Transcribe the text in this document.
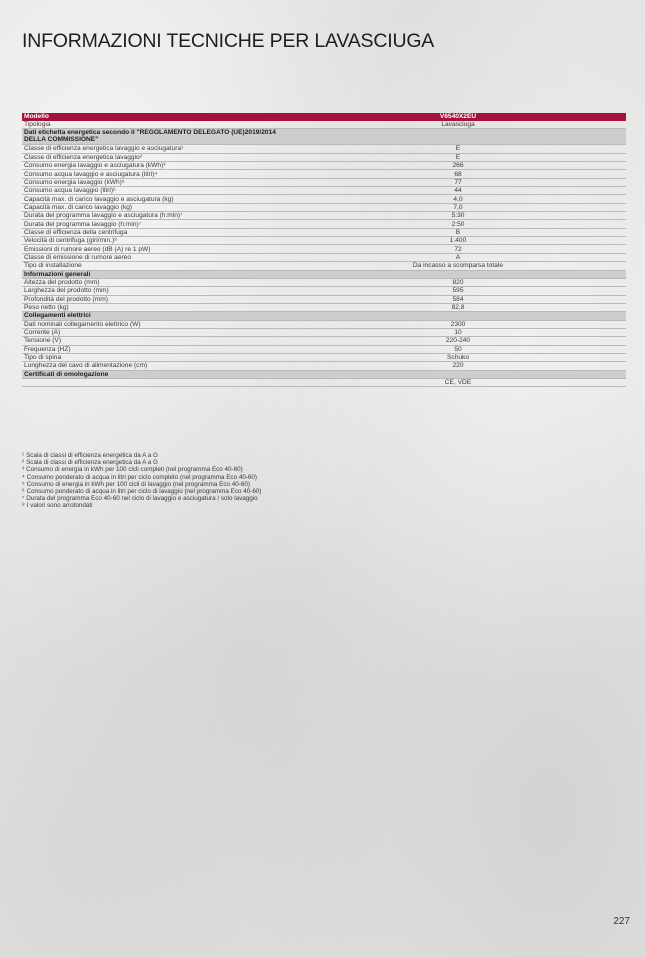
INFORMAZIONI TECNICHE PER LAVASCIUGA
Modello	V6540X2EU
Tipologia	Lavasciuga
Dati etichetta energetica secondo il "REGOLAMENTO DELEGATO (UE)2019/2014 DELLA COMMISSIONE"	
Classe di efficienza energetica lavaggio e asciugatura¹	E
Classe di efficienza energetica lavaggio²	E
Consumo energia lavaggio e asciugatura (kWh)³	266
Consumo acqua lavaggio e asciugatura (litri)⁴	68
Consumo energia lavaggio (kWh)⁵	77
Consumo acqua lavaggio (litri)⁶	44
Capacità max. di carico lavaggio e asciugatura (kg)	4,0
Capacità max. di carico lavaggio (kg)	7,0
Durata del programma lavaggio e asciugatura (h:min)⁷	5:30
Durata del programma lavaggio (h:min)⁷	2:50
Classe di efficienza della centrifuga	B
Velocità di centrifuga (giri/min.)⁸	1.400
Emissioni di rumore aereo (dB (A) re 1 pW)	72
Classe di emissione di rumore aereo	A
Tipo di installazione	Da incasso a scomparsa totale
Informazioni generali	
Altezza del prodotto (mm)	820
Larghezza del prodotto (mm)	595
Profondità del prodotto (mm)	584
Peso netto (kg)	82,8
Collegamenti elettrici	
Dati nominali collegamento elettrico (W)	2300
Corrente (A)	10
Tensione (V)	220-240
Frequenza (HZ)	50
Tipo di spina	Schuko
Lunghezza del cavo di alimentazione (cm)	220
Certificati di omologazione	
	CE, VDE
¹ Scala di classi di efficienza energetica da A a G
² Scala di classi di efficienza energetica da A a G
³ Consumo di energia in kWh per 100 cicli completi (nel programma Eco 40-60)
⁴ Consumo ponderato di acqua in litri per ciclo completo (nel programma Eco 40-60)
⁵ Consumo di energia in kWh per 100 cicli di lavaggio (nel programma Eco 40-60)
⁶ Consumo ponderato di acqua in litri per ciclo di lavaggio (nel programma Eco 40-60)
⁷ Durata del programma Eco 40-60 nel ciclo di lavaggio e asciugatura / solo lavaggio
⁸ I valori sono arrotondati
227
